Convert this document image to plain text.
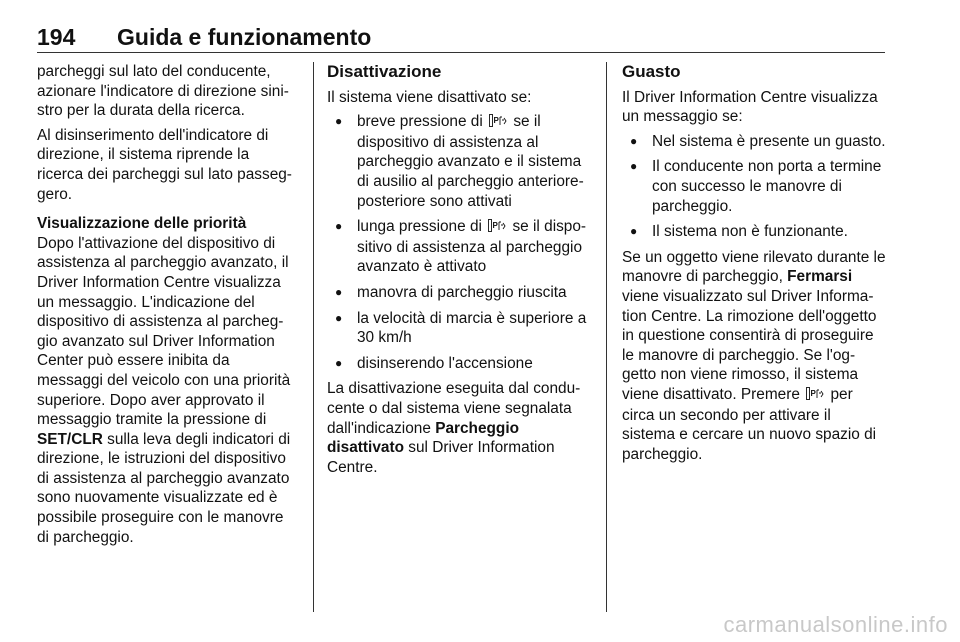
194 Guida e funzionamento

parcheggi sul lato del conducente, azionare l'indicatore di direzione sini-stro per la durata della ricerca.

Al disinserimento dell'indicatore di direzione, il sistema riprende la ricerca dei parcheggi sul lato passeg-gero.

Visualizzazione delle priorità

Dopo l'attivazione del dispositivo di assistenza al parcheggio avanzato, il Driver Information Centre visualizza un messaggio. L'indicazione del dispositivo di assistenza al parcheg-gio avanzato sul Driver Information Center può essere inibita da messaggi del veicolo con una priorità superiore. Dopo aver approvato il messaggio tramite la pressione di SET/CLR sulla leva degli indicatori di direzione, le istruzioni del dispositivo di assistenza al parcheggio avanzato sono nuovamente visualizzate ed è possibile proseguire con le manovre di parcheggio.

Disattivazione

Il sistema viene disattivato se:

● breve pressione di P se il dispositivo di assistenza al parcheggio avanzato e il sistema di ausilio al parcheggio anteriore-posteriore sono attivati
● lunga pressione di P se il dispo-sitivo di assistenza al parcheggio avanzato è attivato
● manovra di parcheggio riuscita
● la velocità di marcia è superiore a 30 km/h
● disinserendo l'accensione

La disattivazione eseguita dal condu-cente o dal sistema viene segnalata dall'indicazione Parcheggio disattivato sul Driver Information Centre.

Guasto

Il Driver Information Centre visualizza un messaggio se:

● Nel sistema è presente un guasto.
● Il conducente non porta a termine con successo le manovre di parcheggio.
● Il sistema non è funzionante.

Se un oggetto viene rilevato durante le manovre di parcheggio, Fermarsi viene visualizzato sul Driver Informa-tion Centre. La rimozione dell'oggetto in questione consentirà di proseguire le manovre di parcheggio. Se l'og-getto non viene rimosso, il sistema viene disattivato. Premere P per circa un secondo per attivare il sistema e cercare un nuovo spazio di parcheggio.

carmanualsonline.info
